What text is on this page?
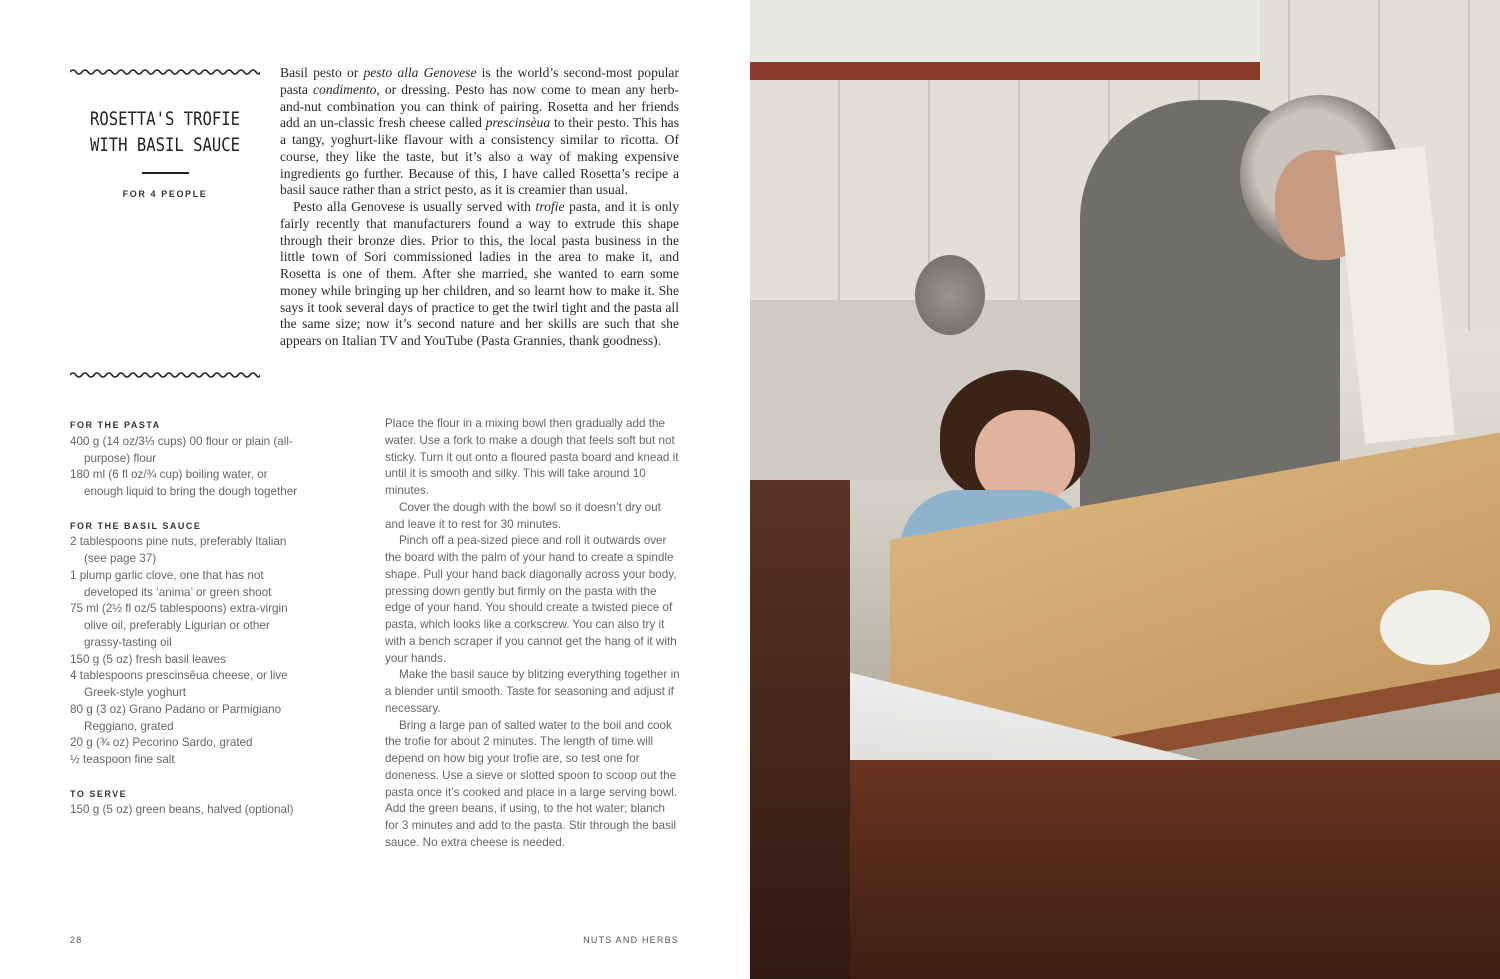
ROSETTA'S TROFIE
WITH BASIL SAUCE
FOR 4 PEOPLE

Basil pesto or pesto alla Genovese is the world’s second-most popular pasta condimento, or dressing. Pesto has now come to mean any herb-and-nut combination you can think of pairing. Rosetta and her friends add an un-classic fresh cheese called prescinsèua to their pesto. This has a tangy, yoghurt-like flavour with a consistency similar to ricotta. Of course, they like the taste, but it’s also a way of making expensive ingredients go further. Because of this, I have called Rosetta’s recipe a basil sauce rather than a strict pesto, as it is creamier than usual.

Pesto alla Genovese is usually served with trofie pasta, and it is only fairly recently that manufacturers found a way to extrude this shape through their bronze dies. Prior to this, the local pasta business in the little town of Sori commissioned ladies in the area to make it, and Rosetta is one of them. After she married, she wanted to earn some money while bringing up her children, and so learnt how to make it. She says it took several days of practice to get the twirl tight and the pasta all the same size; now it’s second nature and her skills are such that she appears on Italian TV and YouTube (Pasta Grannies, thank goodness).

FOR THE PASTA
400 g (14 oz/3⅓ cups) 00 flour or plain (all-purpose) flour
180 ml (6 fl oz/¾ cup) boiling water, or enough liquid to bring the dough together
FOR THE BASIL SAUCE
2 tablespoons pine nuts, preferably Italian (see page 37)
1 plump garlic clove, one that has not developed its ‘anima’ or green shoot
75 ml (2½ fl oz/5 tablespoons) extra-virgin olive oil, preferably Ligurian or other grassy-tasting oil
150 g (5 oz) fresh basil leaves
4 tablespoons prescinsêua cheese, or live Greek-style yoghurt
80 g (3 oz) Grano Padano or Parmigiano Reggiano, grated
20 g (¾ oz) Pecorino Sardo, grated
½ teaspoon fine salt
TO SERVE
150 g (5 oz) green beans, halved (optional)

Place the flour in a mixing bowl then gradually add the water. Use a fork to make a dough that feels soft but not sticky. Turn it out onto a floured pasta board and knead it until it is smooth and silky. This will take around 10 minutes.

Cover the dough with the bowl so it doesn’t dry out and leave it to rest for 30 minutes.

Pinch off a pea-sized piece and roll it outwards over the board with the palm of your hand to create a spindle shape. Pull your hand back diagonally across your body, pressing down gently but firmly on the pasta with the edge of your hand. You should create a twisted piece of pasta, which looks like a corkscrew. You can also try it with a bench scraper if you cannot get the hang of it with your hands.

Make the basil sauce by blitzing everything together in a blender until smooth. Taste for seasoning and adjust if necessary.

Bring a large pan of salted water to the boil and cook the trofie for about 2 minutes. The length of time will depend on how big your trofie are, so test one for doneness. Use a sieve or slotted spoon to scoop out the pasta once it’s cooked and place in a large serving bowl. Add the green beans, if using, to the hot water; blanch for 3 minutes and add to the pasta. Stir through the basil sauce. No extra cheese is needed.

28	NUTS AND HERBS
